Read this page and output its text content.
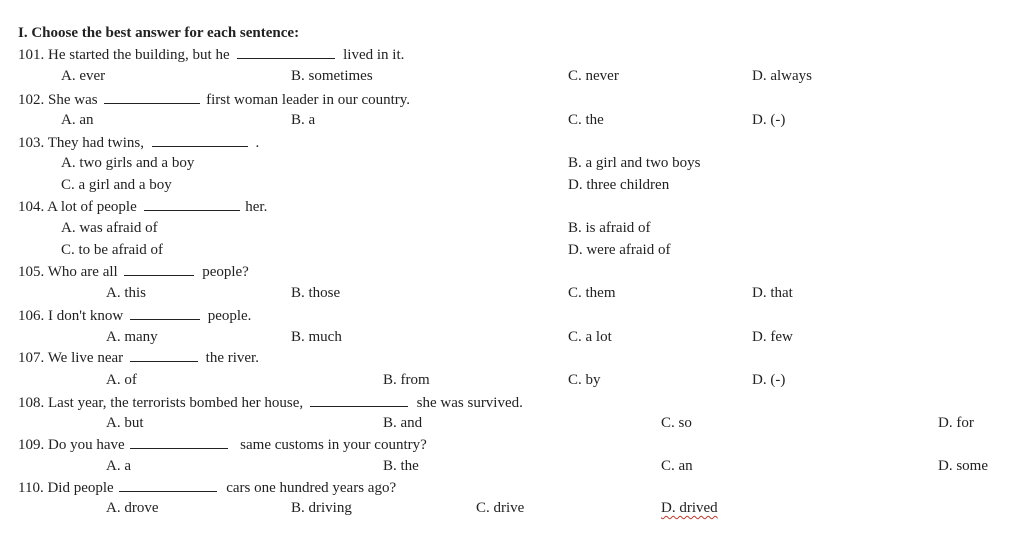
I. Choose the best answer for each sentence:
101. He started the building, but he	lived in it.
A. ever	B. sometimes	C. never	D. always
102. She was	first woman leader in our country.
A. an	B. a	C. the	D. (-)
103. They had twins,	.
A. two girls and a boy	B. a girl and two boys
C. a girl and a boy	D. three children
104. A lot of people	her.
A. was afraid of	B. is afraid of
C. to be afraid of	D. were afraid of
105. Who are all	people?
A. this	B. those	C. them	D. that
106. I don't know	people.
A. many	B. much	C. a lot	D. few
107. We live near	the river.
A. of	B. from	C. by	D. (-)
108. Last year, the terrorists bombed her house,	she was survived.
A. but	B. and	C. so	D. for
109. Do you have	same customs in your country?
A. a	B. the	C. an	D. some
110. Did people	cars one hundred years ago?
A. drove	B. driving	C. drive	D. drived
